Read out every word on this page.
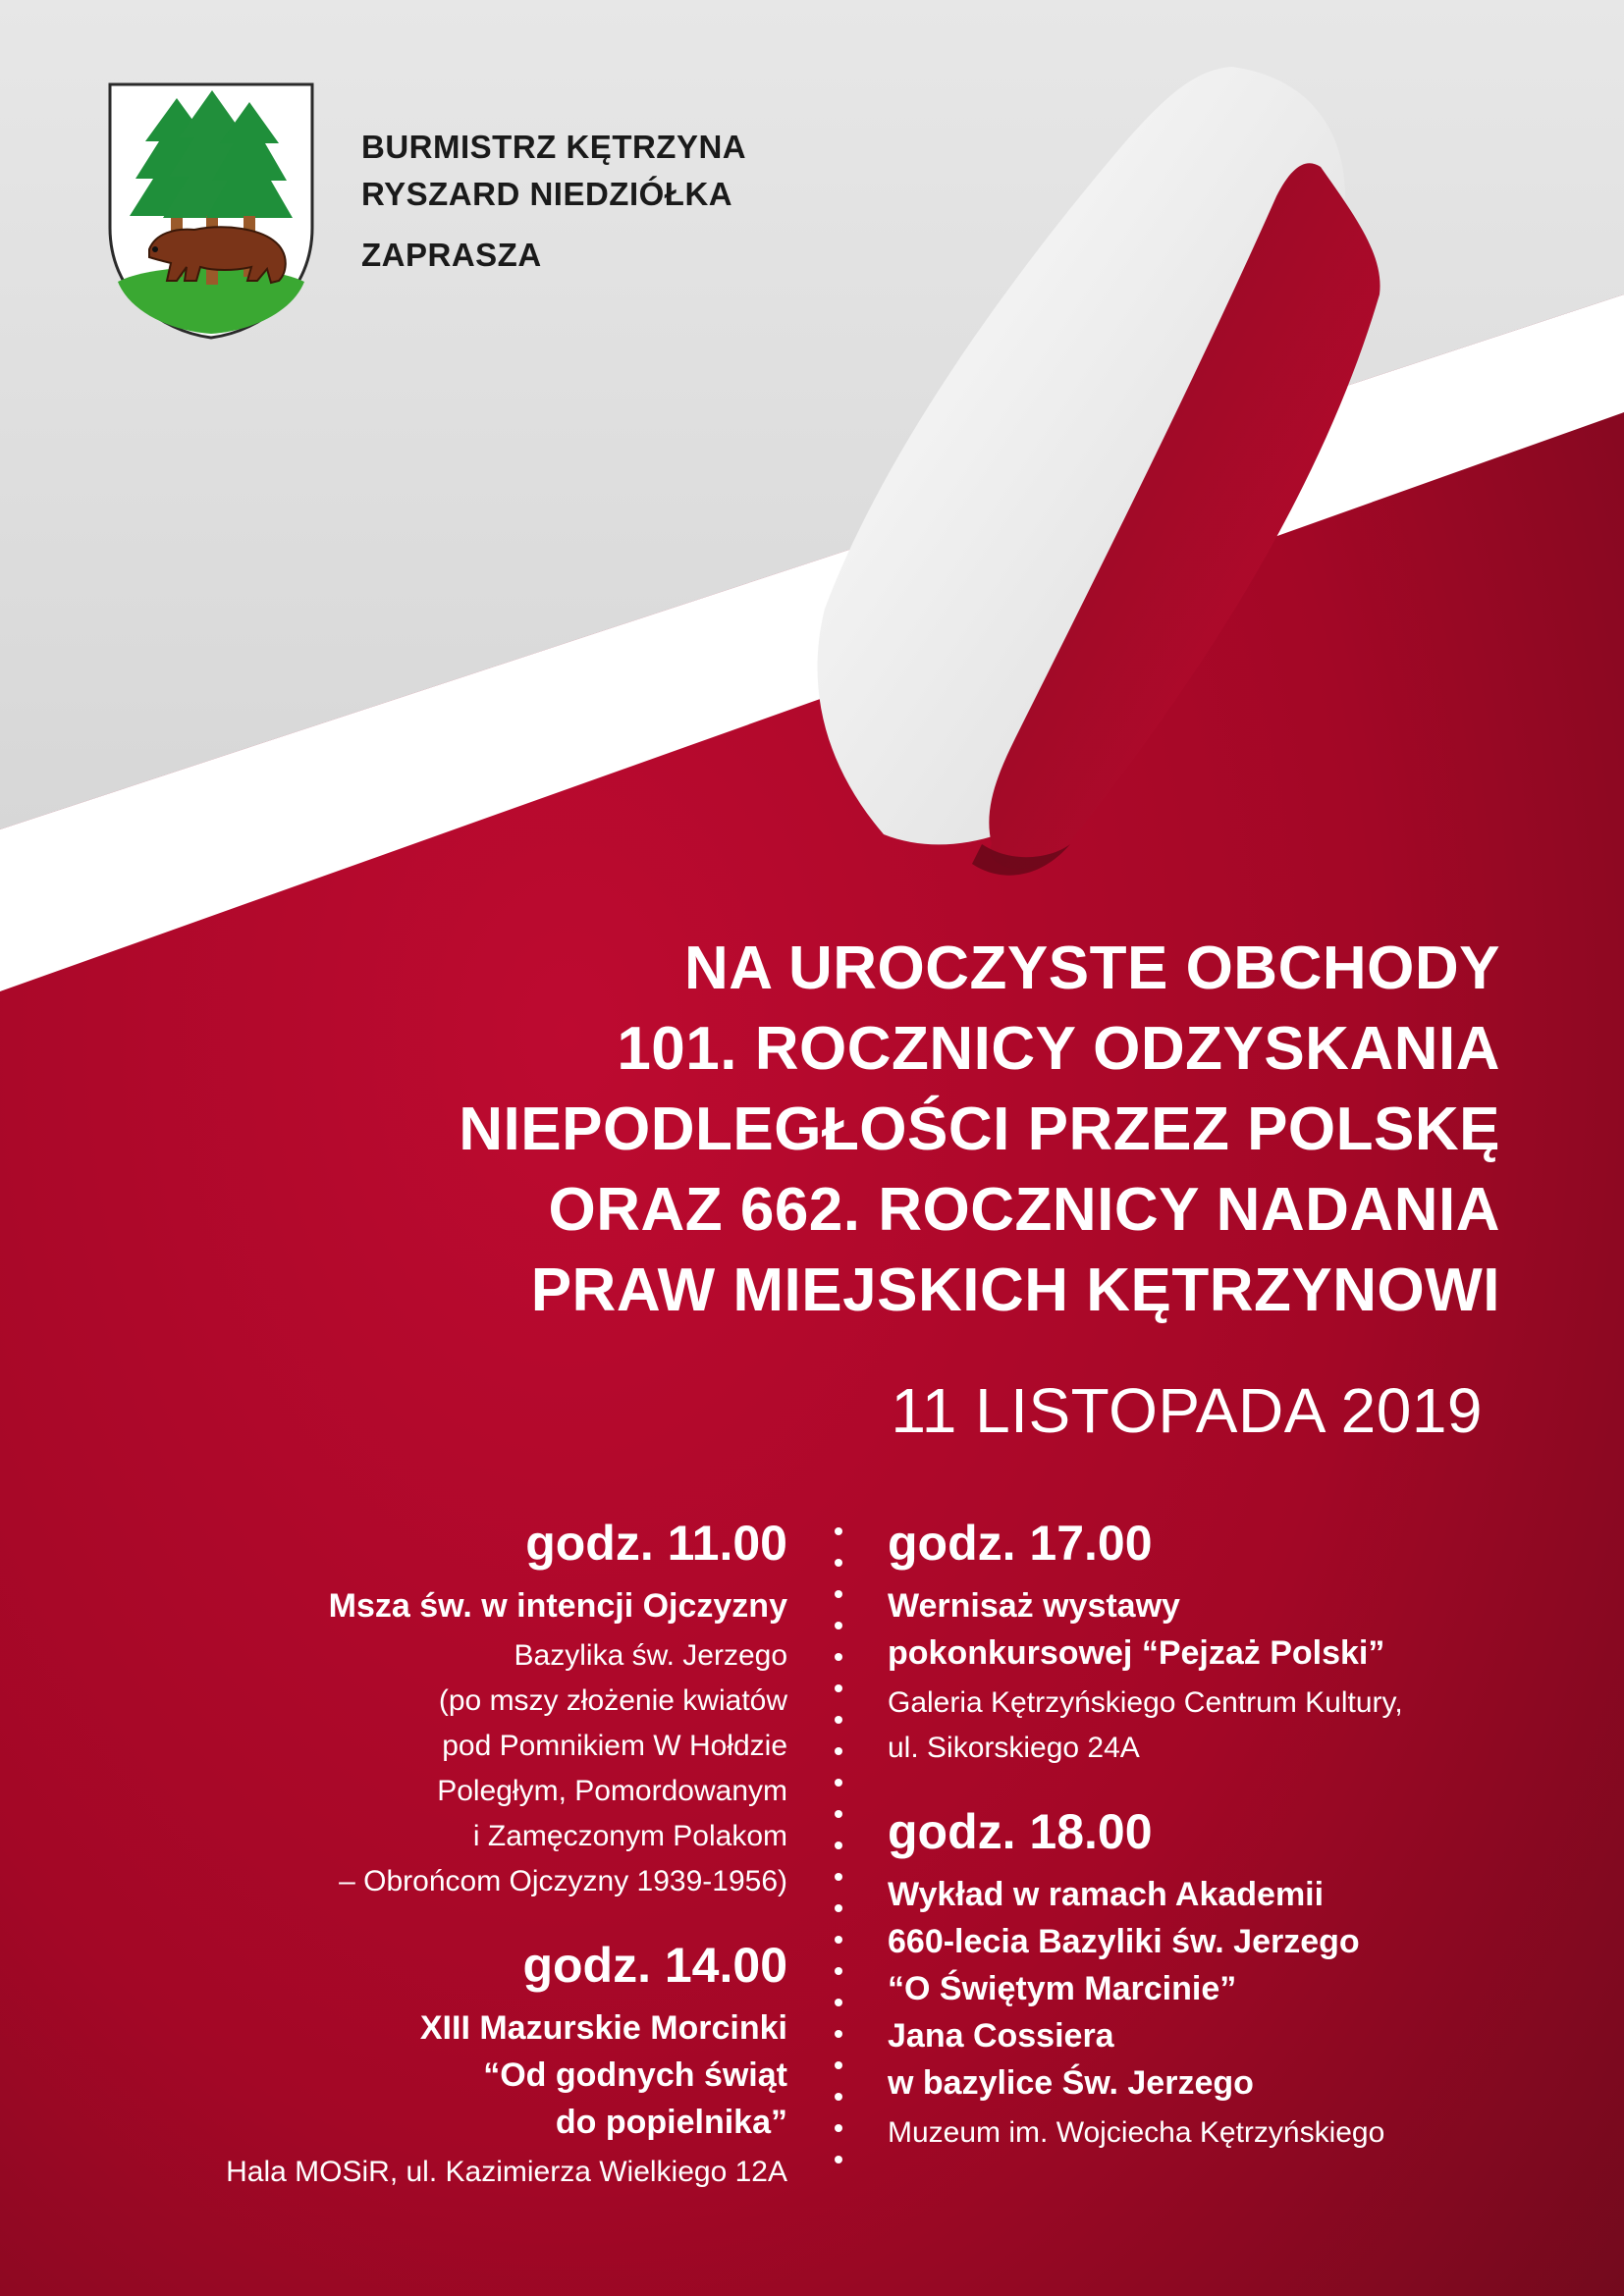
BURMISTRZ KĘTRZYNA
RYSZARD NIEDZIÓŁKA
ZAPRASZA
NA UROCZYSTE OBCHODY
101. ROCZNICY ODZYSKANIA
NIEPODLEGŁOŚCI PRZEZ POLSKĘ
ORAZ 662. ROCZNICY NADANIA
PRAW MIEJSKICH KĘTRZYNOWI
11 LISTOPADA 2019
godz. 11.00
Msza św. w intencji Ojczyzny
Bazylika św. Jerzego
(po mszy złożenie kwiatów
pod Pomnikiem W Hołdzie
Poległym, Pomordowanym
i Zamęczonym Polakom
– Obrońcom Ojczyzny 1939-1956)
godz. 14.00
XIII Mazurskie Morcinki
“Od godnych świąt
do popielnika”
Hala MOSiR, ul. Kazimierza Wielkiego 12A
godz. 17.00
Wernisaż wystawy
pokonkursowej “Pejzaż Polski”
Galeria Kętrzyńskiego Centrum Kultury,
ul. Sikorskiego 24A
godz. 18.00
Wykład w ramach Akademii
660-lecia Bazyliki św. Jerzego
“O Świętym Marcinie”
Jana Cossiera
w bazylice Św. Jerzego
Muzeum im. Wojciecha Kętrzyńskiego
